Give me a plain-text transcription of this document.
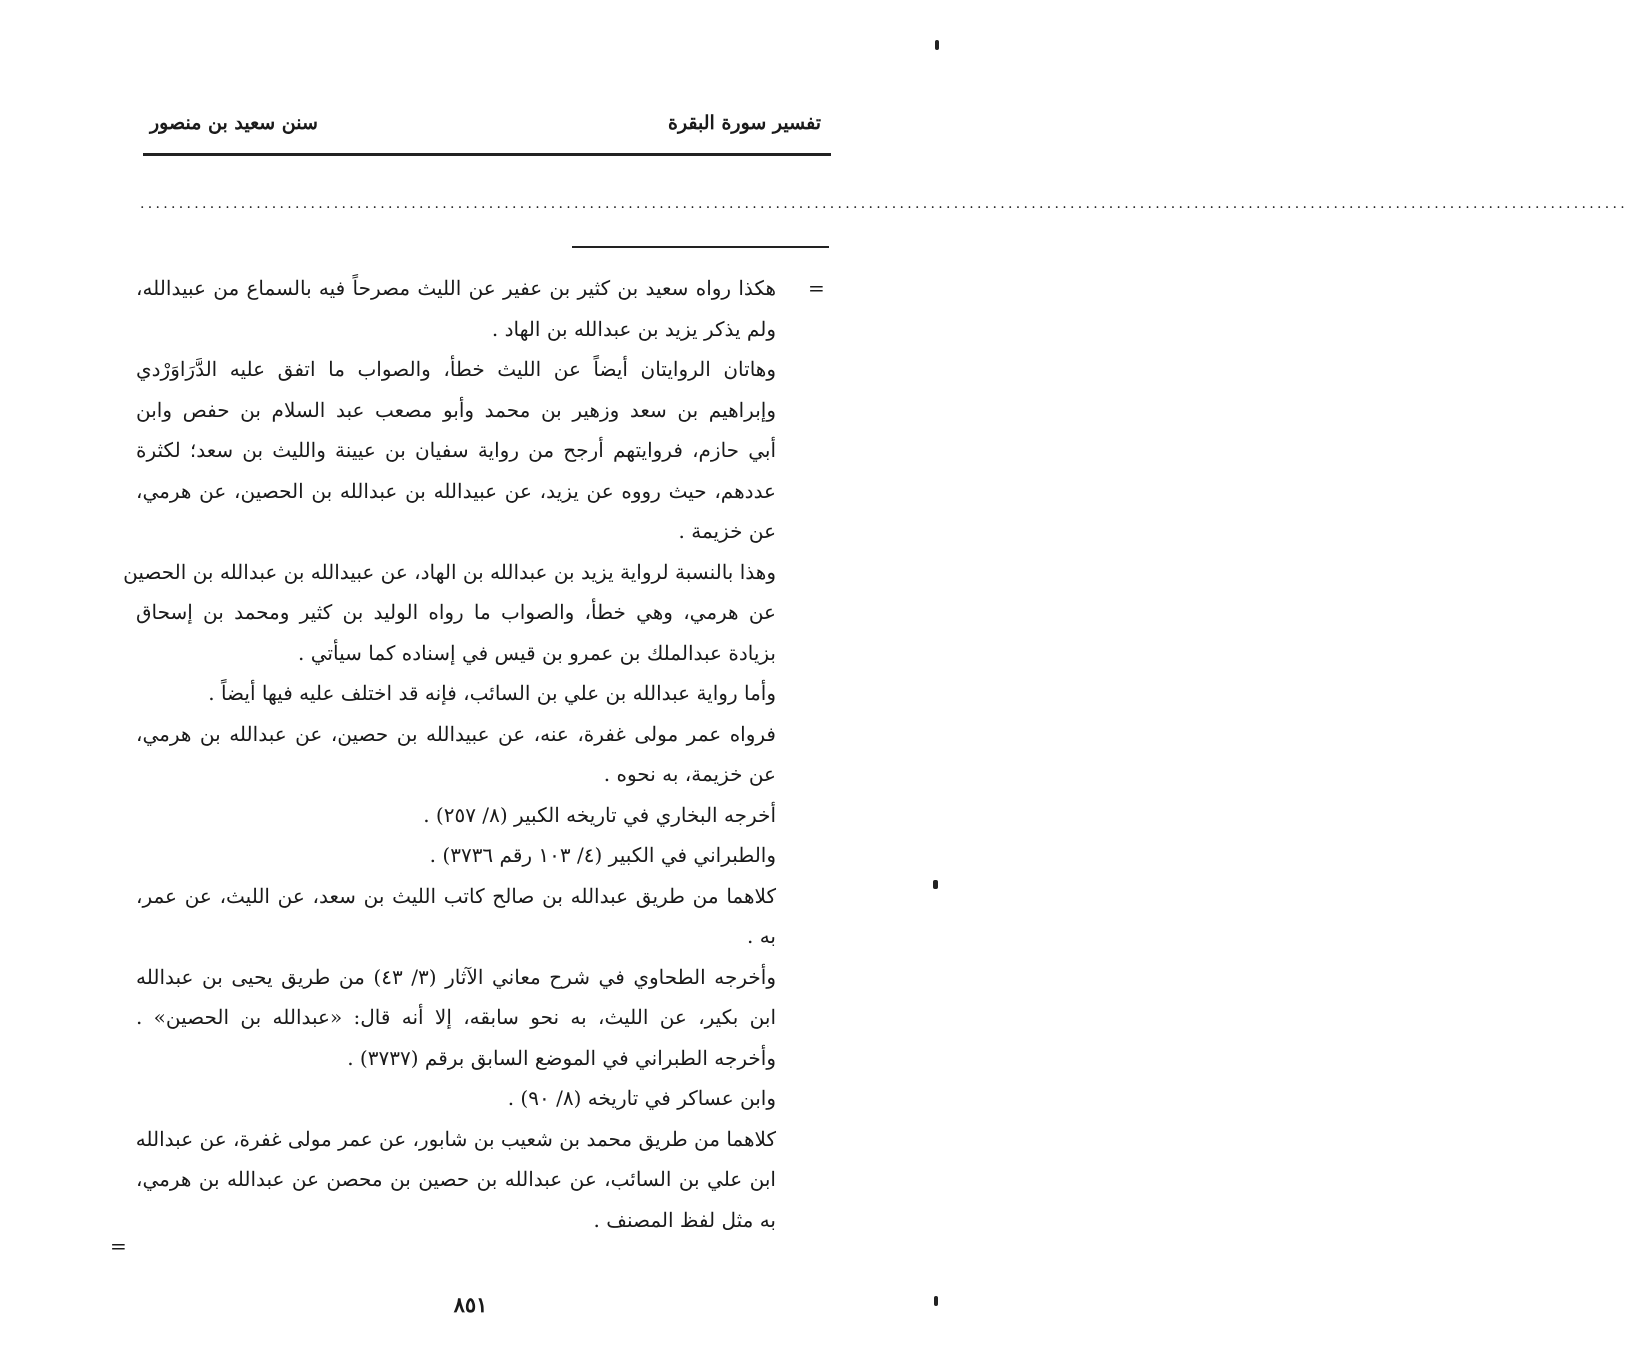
تفسير سورة البقرة
سنن سعيد بن منصور
................................................................................................................................................................................................
=
هكذا رواه سعيد بن كثير بن عفير عن الليث مصرحاً فيه بالسماع من عبيدالله،
ولم يذكر يزيد بن عبدالله بن الهاد .
وهاتان الروايتان أيضاً عن الليث خطأ، والصواب ما اتفق عليه الدَّرَاوَرْدي
وإبراهيم بن سعد وزهير بن محمد وأبو مصعب عبد السلام بن حفص وابن
أبي حازم، فروايتهم أرجح من رواية سفيان بن عيينة والليث بن سعد؛ لكثرة
عددهم، حيث رووه عن يزيد، عن عبيدالله بن عبدالله بن الحصين، عن هرمي،
عن خزيمة .
وهذا بالنسبة لرواية يزيد بن عبدالله بن الهاد، عن عبيدالله بن عبدالله بن الحصين
عن هرمي، وهي خطأ، والصواب ما رواه الوليد بن كثير ومحمد بن إسحاق
بزيادة عبدالملك بن عمرو بن قيس في إسناده كما سيأتي .
وأما رواية عبدالله بن علي بن السائب، فإنه قد اختلف عليه فيها أيضاً .
فرواه عمر مولى غفرة، عنه، عن عبيدالله بن حصين، عن عبدالله بن هرمي،
عن خزيمة، به نحوه .
أخرجه البخاري في تاريخه الكبير (٨/ ٢٥٧) .
والطبراني في الكبير (٤/ ١٠٣ رقم ٣٧٣٦) .
كلاهما من طريق عبدالله بن صالح كاتب الليث بن سعد، عن الليث، عن عمر،
به .
وأخرجه الطحاوي في شرح معاني الآثار (٣/ ٤٣) من طريق يحيى بن عبدالله
ابن بكير، عن الليث، به نحو سابقه، إلا أنه قال: «عبدالله بن الحصين» .
وأخرجه الطبراني في الموضع السابق برقم (٣٧٣٧) .
وابن عساكر في تاريخه (٨/ ٩٠) .
كلاهما من طريق محمد بن شعيب بن شابور، عن عمر مولى غفرة، عن عبدالله
ابن علي بن السائب، عن عبدالله بن حصين بن محصن عن عبدالله بن هرمي،
به مثل لفظ المصنف .
=
٨٥١
